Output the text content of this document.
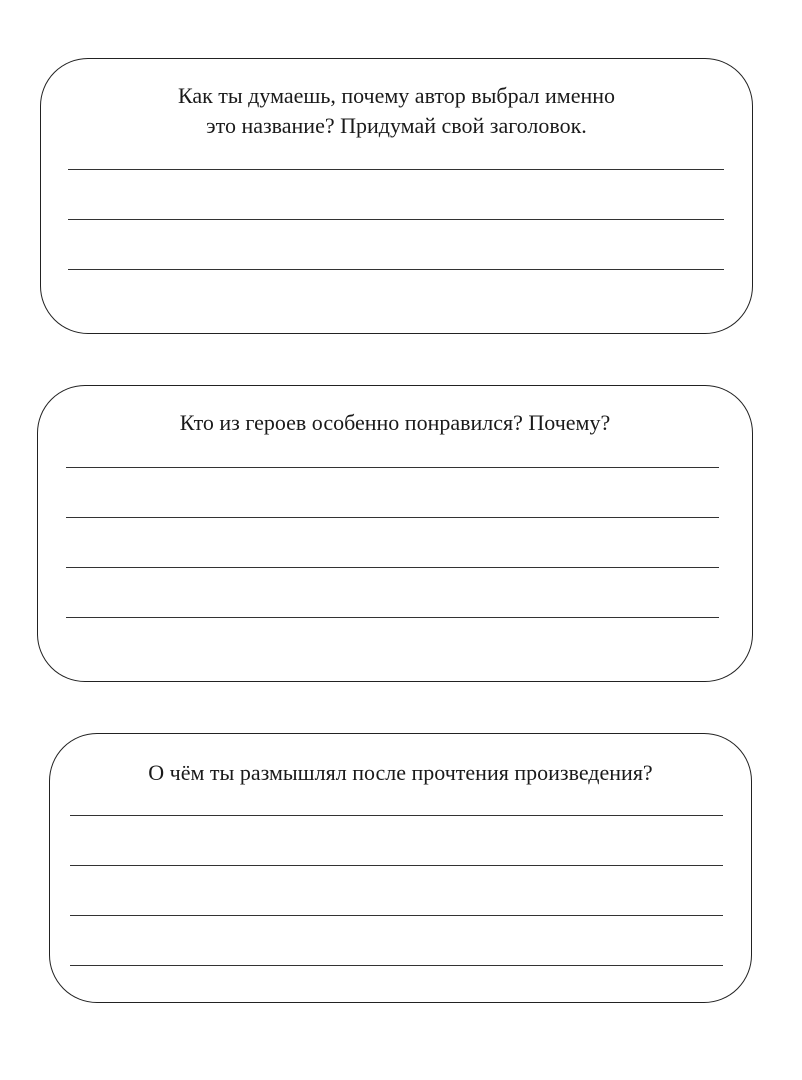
Как ты думаешь, почему автор выбрал именно
это название? Придумай свой заголовок.
Кто из героев особенно понравился? Почему?
О чём ты размышлял после прочтения произведения?
